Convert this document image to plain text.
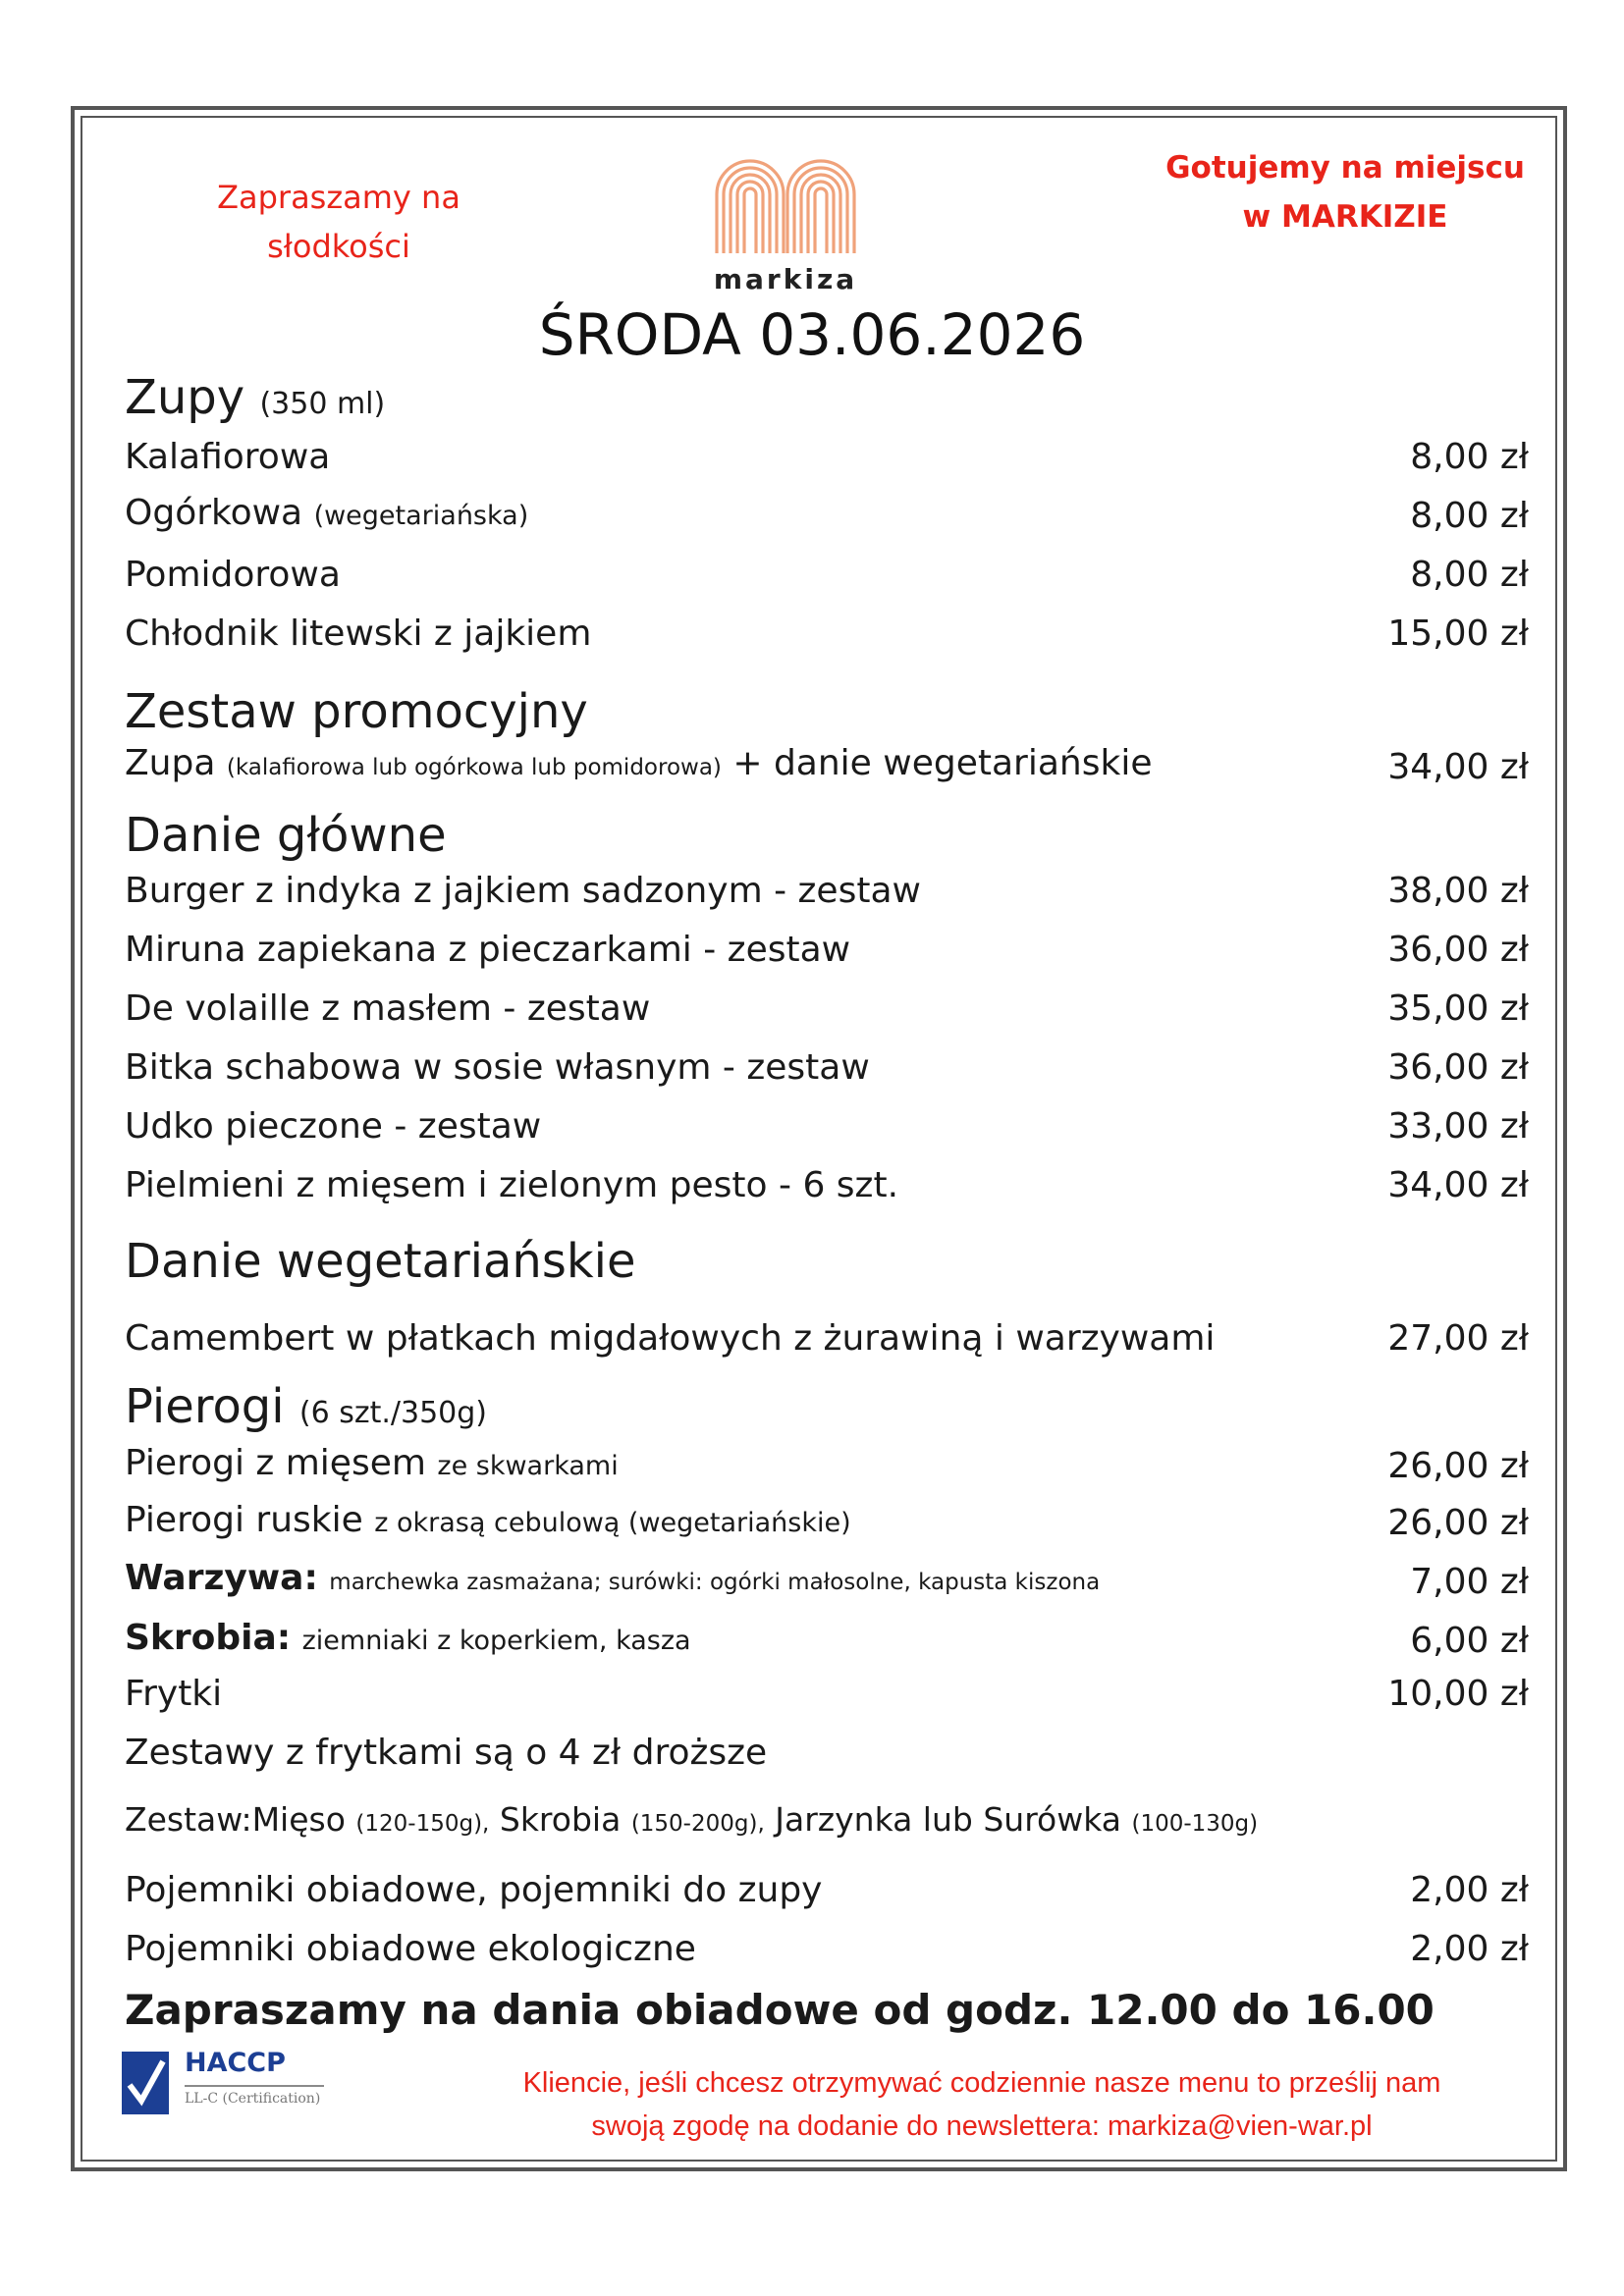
Zapraszamy na
słodkości
markiza
Gotujemy na miejscu
w MARKIZIE
ŚRODA 03.06.2026
Zupy (350 ml)
Kalafiorowa	8,00 zł
Ogórkowa (wegetariańska)	8,00 zł
Pomidorowa	8,00 zł
Chłodnik litewski z jajkiem	15,00 zł
Zestaw promocyjny
Zupa (kalafiorowa lub ogórkowa lub pomidorowa) + danie wegetariańskie	34,00 zł
Danie główne
Burger z indyka z jajkiem sadzonym - zestaw	38,00 zł
Miruna zapiekana z pieczarkami - zestaw	36,00 zł
De volaille z masłem - zestaw	35,00 zł
Bitka schabowa w sosie własnym - zestaw	36,00 zł
Udko pieczone - zestaw	33,00 zł
Pielmieni z mięsem i zielonym pesto - 6 szt.	34,00 zł
Danie wegetariańskie
Camembert w płatkach migdałowych z żurawiną i warzywami	27,00 zł
Pierogi (6 szt./350g)
Pierogi z mięsem ze skwarkami	26,00 zł
Pierogi ruskie z okrasą cebulową (wegetariańskie)	26,00 zł
Warzywa: marchewka zasmażana; surówki: ogórki małosolne, kapusta kiszona	7,00 zł
Skrobia: ziemniaki z koperkiem, kasza	6,00 zł
Frytki	10,00 zł
Zestawy z frytkami są o 4 zł droższe
Zestaw:Mięso (120-150g), Skrobia (150-200g), Jarzynka lub Surówka (100-130g)
Pojemniki obiadowe, pojemniki do zupy	2,00 zł
Pojemniki obiadowe ekologiczne	2,00 zł
Zapraszamy na dania obiadowe od godz. 12.00 do 16.00
HACCP
LL-C (Certification)	Kliencie, jeśli chcesz otrzymywać codziennie nasze menu to prześlij nam
swoją zgodę na dodanie do newslettera: markiza@vien-war.pl
